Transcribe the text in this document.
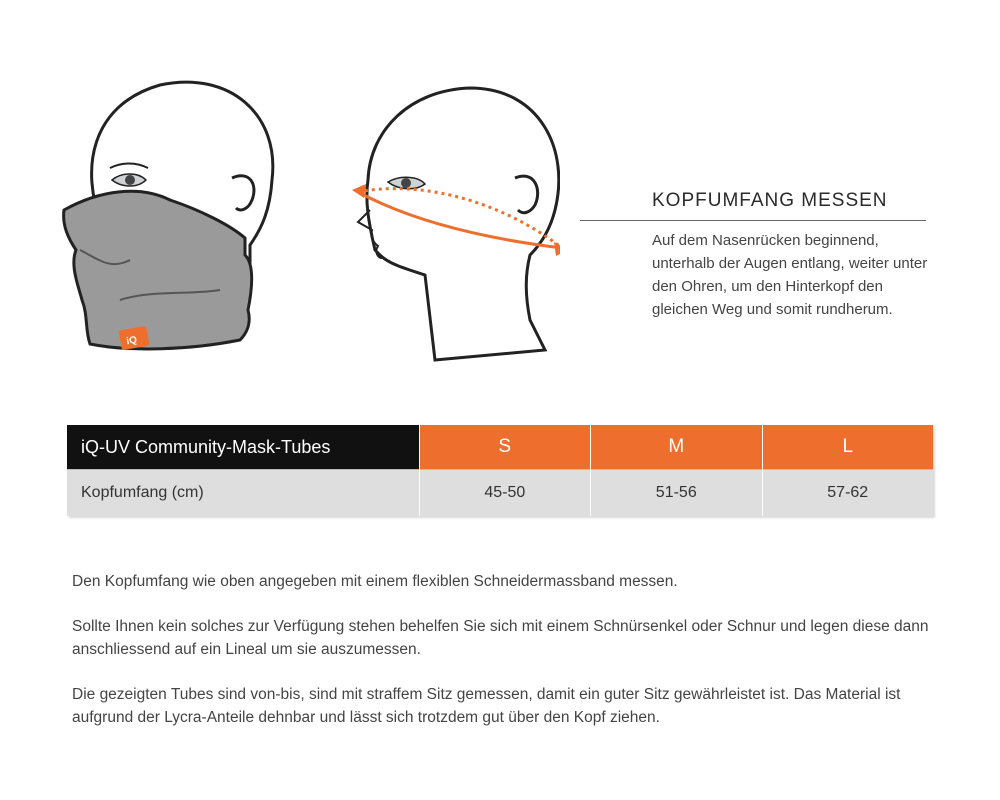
iQ
KOPFUMFANG MESSEN
Auf dem Nasenrücken beginnend, unterhalb der Augen entlang, weiter unter den Ohren, um den Hinterkopf den gleichen Weg und somit rundherum.
iQ-UV Community-Mask-Tubes	S	M	L
Kopfumfang (cm)	45-50	51-56	57-62

Den Kopfumfang wie oben angegeben mit einem flexiblen Schneidermassband messen.

Sollte Ihnen kein solches zur Verfügung stehen behelfen Sie sich mit einem Schnürsenkel oder Schnur und legen diese dann anschliessend auf ein Lineal um sie auszumessen.

Die gezeigten Tubes sind von-bis, sind mit straffem Sitz gemessen, damit ein guter Sitz gewährleistet ist. Das Material ist aufgrund der Lycra-Anteile dehnbar und lässt sich trotzdem gut über den Kopf ziehen.
